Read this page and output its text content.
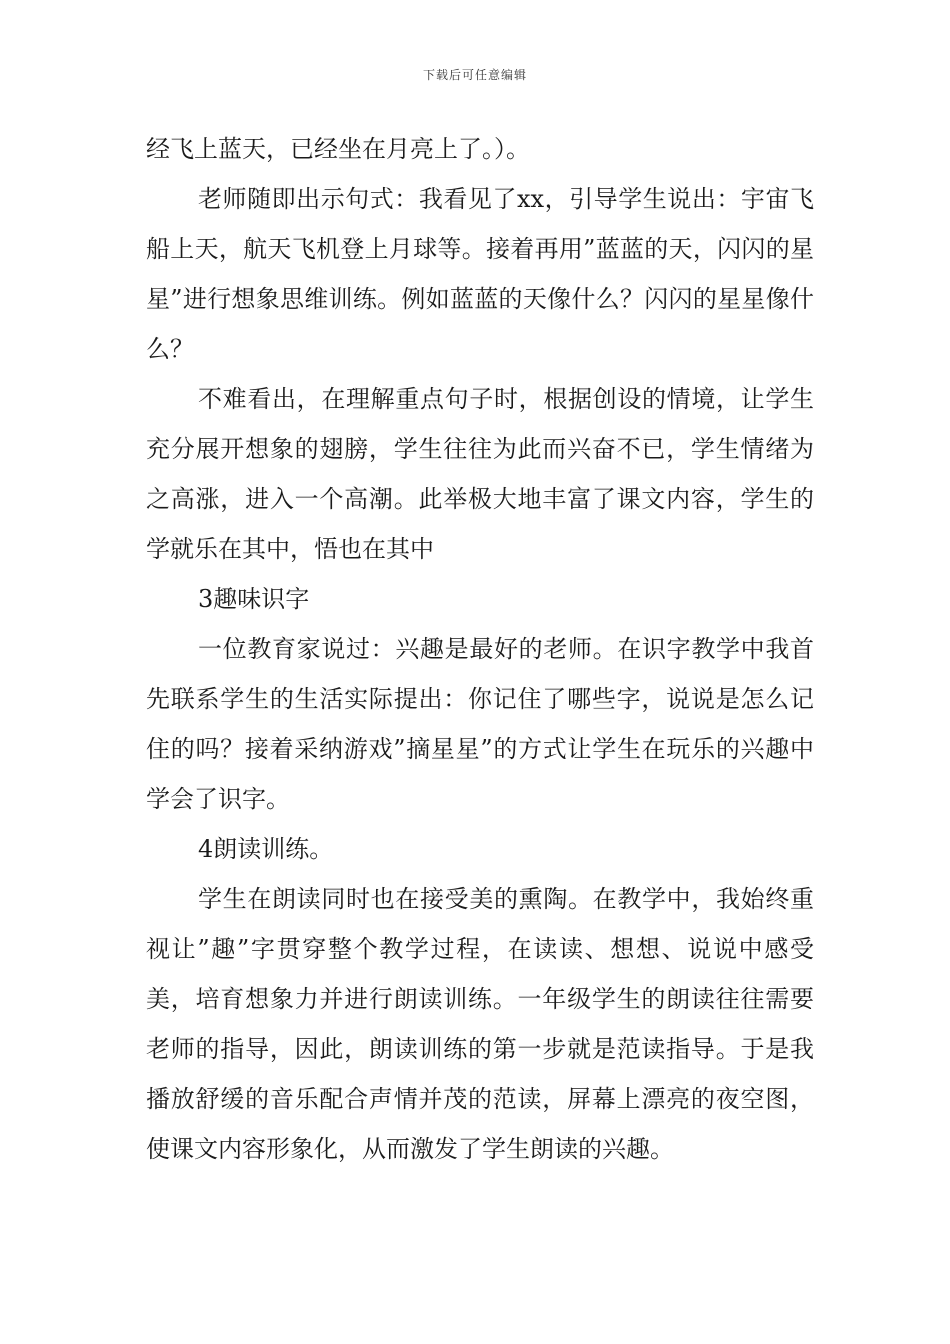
下载后可任意编辑

经飞上蓝天，已经坐在月亮上了。）。

老师随即出示句式：我看见了xx，引导学生说出：宇宙飞船上天，航天飞机登上月球等。接着再用”蓝蓝的天，闪闪的星星”进行想象思维训练。例如蓝蓝的天像什么？闪闪的星星像什么？

不难看出，在理解重点句子时，根据创设的情境，让学生充分展开想象的翅膀，学生往往为此而兴奋不已，学生情绪为之高涨，进入一个高潮。此举极大地丰富了课文内容，学生的学就乐在其中，悟也在其中

3趣味识字

一位教育家说过：兴趣是最好的老师。在识字教学中我首先联系学生的生活实际提出：你记住了哪些字，说说是怎么记住的吗？接着采纳游戏”摘星星”的方式让学生在玩乐的兴趣中学会了识字。

4朗读训练。

学生在朗读同时也在接受美的熏陶。在教学中，我始终重视让”趣”字贯穿整个教学过程，在读读、想想、说说中感受美，培育想象力并进行朗读训练。一年级学生的朗读往往需要老师的指导，因此，朗读训练的第一步就是范读指导。于是我播放舒缓的音乐配合声情并茂的范读，屏幕上漂亮的夜空图，使课文内容形象化，从而激发了学生朗读的兴趣。
